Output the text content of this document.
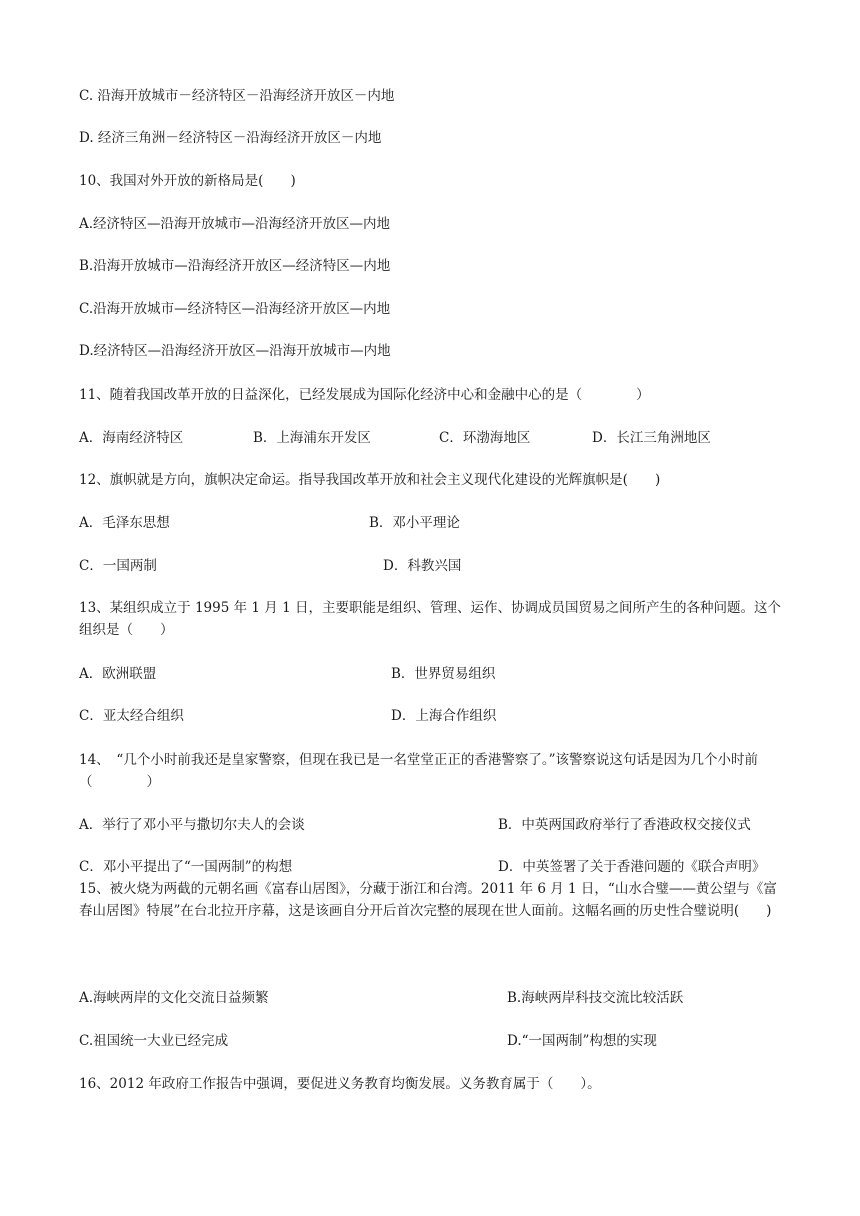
C. 沿海开放城市－经济特区－沿海经济开放区－内地
D. 经济三角洲－经济特区－沿海经济开放区－内地
10、我国对外开放的新格局是(　　)
A.经济特区—沿海开放城市—沿海经济开放区—内地
B.沿海开放城市—沿海经济开放区—经济特区—内地
C.沿海开放城市—经济特区—沿海经济开放区—内地
D.经济特区—沿海经济开放区—沿海开放城市—内地
11、随着我国改革开放的日益深化，已经发展成为国际化经济中心和金融中心的是（　　　　）
A．海南经济特区	B．上海浦东开发区	C．环渤海地区	D．长江三角洲地区
12、旗帜就是方向，旗帜决定命运。指导我国改革开放和社会主义现代化建设的光辉旗帜是(　　)
A．毛泽东思想	B．邓小平理论
C．一国两制	D．科教兴国
13、某组织成立于 1995 年 1 月 1 日，主要职能是组织、管理、运作、协调成员国贸易之间所产生的各种问题。这个组织是（　　）
A．欧洲联盟	B．世界贸易组织
C．亚太经合组织	D．上海合作组织
14、　“几个小时前我还是皇家警察，但现在我已是一名堂堂正正的香港警察了。”该警察说这句话是因为几个小时前（　　　　）
A．举行了邓小平与撒切尔夫人的会谈	B．中英两国政府举行了香港政权交接仪式
C．邓小平提出了“一国两制”的构想	D．中英签署了关于香港问题的《联合声明》
15、被火烧为两截的元朝名画《富春山居图》，分藏于浙江和台湾。2011 年 6 月 1 日，“山水合璧——黄公望与《富春山居图》特展”在台北拉开序幕，这是该画自分开后首次完整的展现在世人面前。这幅名画的历史性合璧说明(　　)
A.海峡两岸的文化交流日益频繁	B.海峡两岸科技交流比较活跃
C.祖国统一大业已经完成	D.“一国两制”构想的实现
16、2012 年政府工作报告中强调，要促进义务教育均衡发展。义务教育属于（　　）。
